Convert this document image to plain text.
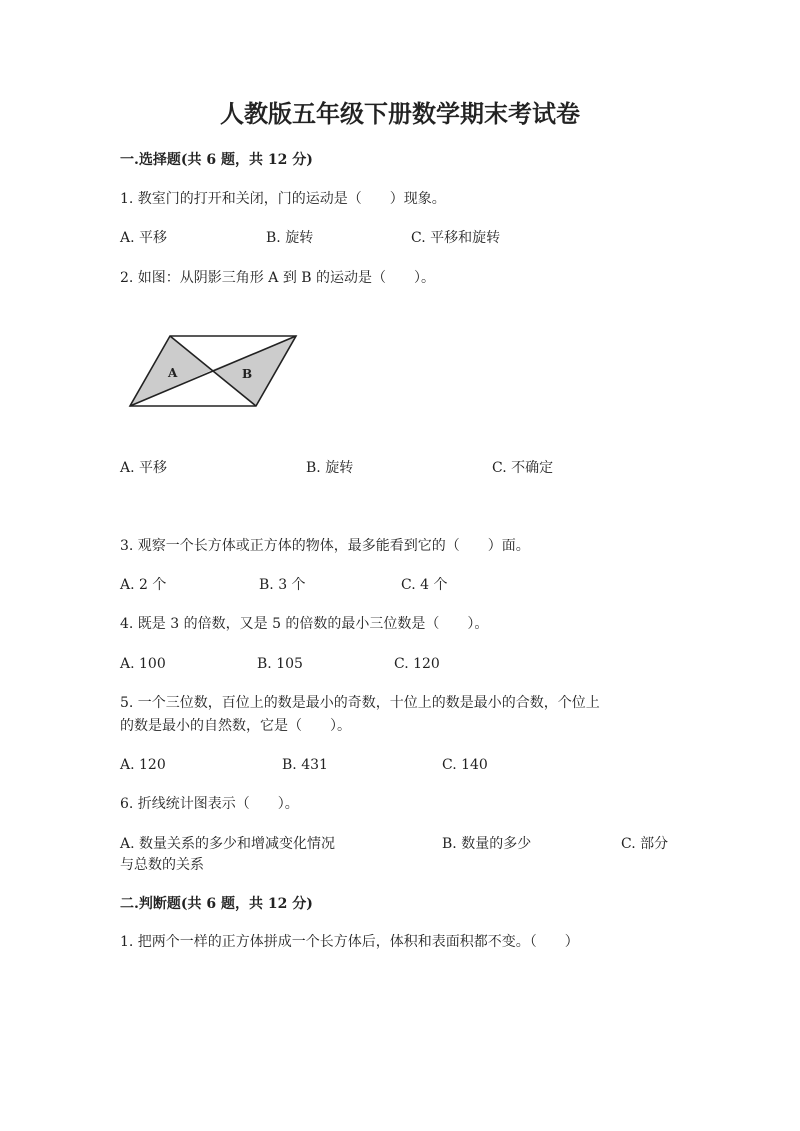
人教版五年级下册数学期末考试卷
一.选择题(共 6 题，共 12 分)
1. 教室门的打开和关闭，门的运动是（　　）现象。
A. 平移	B. 旋转	C. 平移和旋转
2. 如图：从阴影三角形 A 到 B 的运动是（　　）。
A	B
A. 平移	B. 旋转	C. 不确定
3. 观察一个长方体或正方体的物体，最多能看到它的（　　）面。
A. 2 个	B. 3 个	C. 4 个
4. 既是 3 的倍数，又是 5 的倍数的最小三位数是（　　）。
A. 100	B. 105	C. 120
5. 一个三位数，百位上的数是最小的奇数，十位上的数是最小的合数，个位上
的数是最小的自然数，它是（　　）。
A. 120	B. 431	C. 140
6. 折线统计图表示（　　）。
A. 数量关系的多少和增减变化情况	B. 数量的多少	C. 部分
与总数的关系
二.判断题(共 6 题，共 12 分)
1. 把两个一样的正方体拼成一个长方体后，体积和表面积都不变。（　　）
